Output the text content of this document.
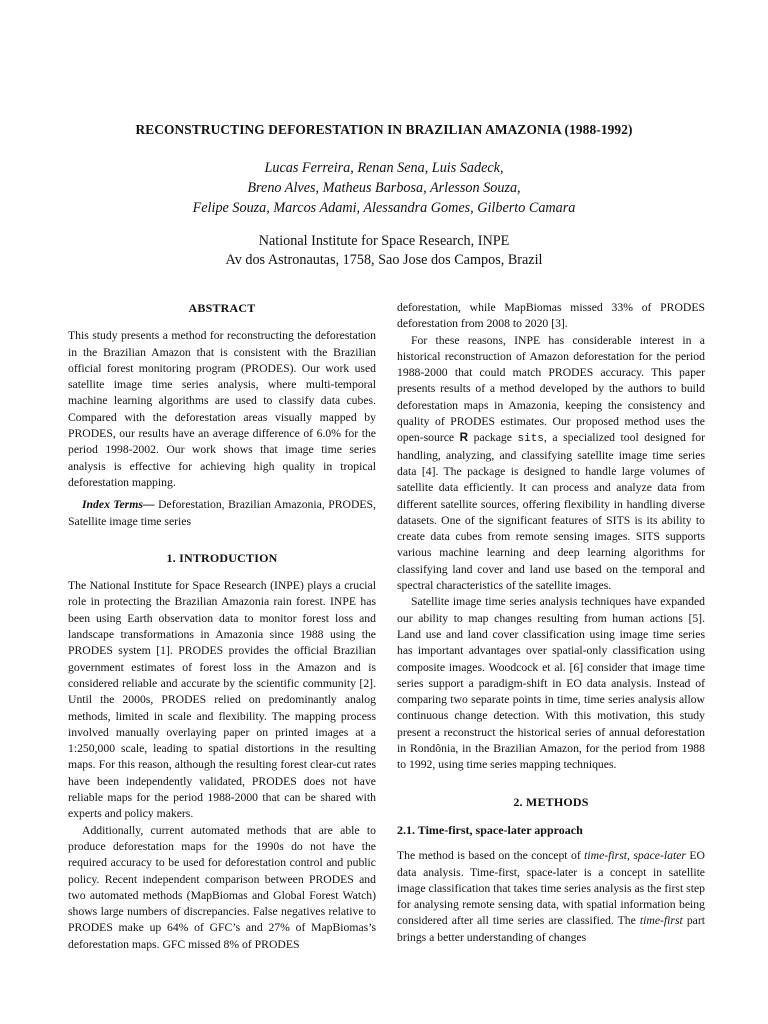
RECONSTRUCTING DEFORESTATION IN BRAZILIAN AMAZONIA (1988-1992)
Lucas Ferreira, Renan Sena, Luis Sadeck,
Breno Alves, Matheus Barbosa, Arlesson Souza,
Felipe Souza, Marcos Adami, Alessandra Gomes, Gilberto Camara
National Institute for Space Research, INPE
Av dos Astronautas, 1758, Sao Jose dos Campos, Brazil
ABSTRACT

This study presents a method for reconstructing the deforestation in the Brazilian Amazon that is consistent with the Brazilian official forest monitoring program (PRODES). Our work used satellite image time series analysis, where multi-temporal machine learning algorithms are used to classify data cubes. Compared with the deforestation areas visually mapped by PRODES, our results have an average difference of 6.0% for the period 1998-2002. Our work shows that image time series analysis is effective for achieving high quality in tropical deforestation mapping.

Index Terms— Deforestation, Brazilian Amazonia, PRODES, Satellite image time series

1. INTRODUCTION

The National Institute for Space Research (INPE) plays a crucial role in protecting the Brazilian Amazonia rain forest. INPE has been using Earth observation data to monitor forest loss and landscape transformations in Amazonia since 1988 using the PRODES system [1]. PRODES provides the official Brazilian government estimates of forest loss in the Amazon and is considered reliable and accurate by the scientific community [2]. Until the 2000s, PRODES relied on predominantly analog methods, limited in scale and flexibility. The mapping process involved manually overlaying paper on printed images at a 1:250,000 scale, leading to spatial distortions in the resulting maps. For this reason, although the resulting forest clear-cut rates have been independently validated, PRODES does not have reliable maps for the period 1988-2000 that can be shared with experts and policy makers.

Additionally, current automated methods that are able to produce deforestation maps for the 1990s do not have the required accuracy to be used for deforestation control and public policy. Recent independent comparison between PRODES and two automated methods (MapBiomas and Global Forest Watch) shows large numbers of discrepancies. False negatives relative to PRODES make up 64% of GFC’s and 27% of MapBiomas’s deforestation maps. GFC missed 8% of PRODES

deforestation, while MapBiomas missed 33% of PRODES deforestation from 2008 to 2020 [3].

For these reasons, INPE has considerable interest in a historical reconstruction of Amazon deforestation for the period 1988-2000 that could match PRODES accuracy. This paper presents results of a method developed by the authors to build deforestation maps in Amazonia, keeping the consistency and quality of PRODES estimates. Our proposed method uses the open-source R package sits, a specialized tool designed for handling, analyzing, and classifying satellite image time series data [4]. The package is designed to handle large volumes of satellite data efficiently. It can process and analyze data from different satellite sources, offering flexibility in handling diverse datasets. One of the significant features of SITS is its ability to create data cubes from remote sensing images. SITS supports various machine learning and deep learning algorithms for classifying land cover and land use based on the temporal and spectral characteristics of the satellite images.

Satellite image time series analysis techniques have expanded our ability to map changes resulting from human actions [5]. Land use and land cover classification using image time series has important advantages over spatial-only classification using composite images. Woodcock et al. [6] consider that image time series support a paradigm-shift in EO data analysis. Instead of comparing two separate points in time, time series analysis allow continuous change detection. With this motivation, this study present a reconstruct the historical series of annual deforestation in Rondônia, in the Brazilian Amazon, for the period from 1988 to 1992, using time series mapping techniques.

2. METHODS
2.1. Time-first, space-later approach

The method is based on the concept of time-first, space-later EO data analysis. Time-first, space-later is a concept in satellite image classification that takes time series analysis as the first step for analysing remote sensing data, with spatial information being considered after all time series are classified. The time-first part brings a better understanding of changes
